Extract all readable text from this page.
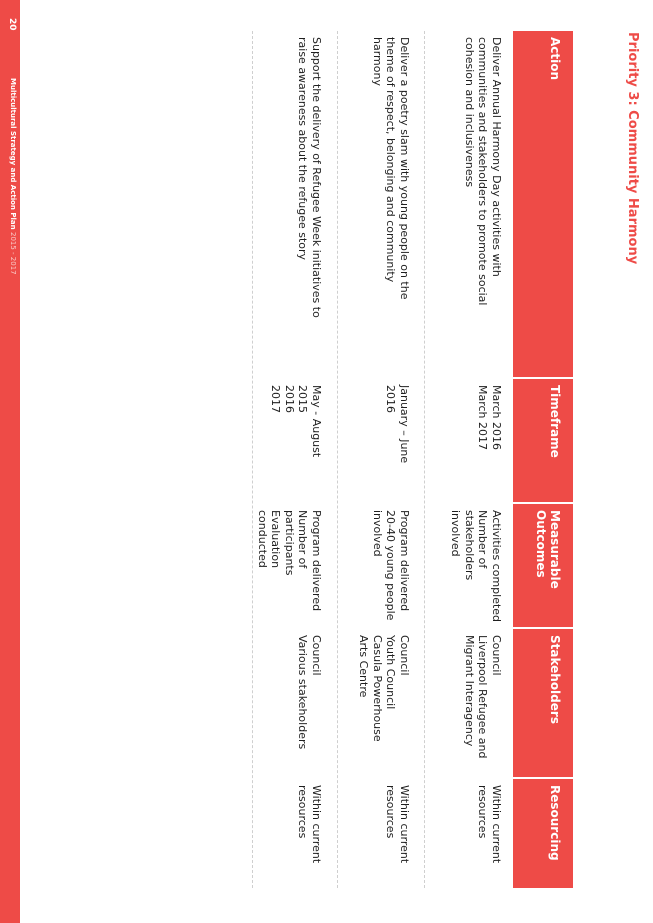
Priority 3: Community Harmony
Action
Timeframe
Measurable Outcomes
Stakeholders
Resourcing
Deliver Annual Harmony Day activities with
communities and stakeholders to promote social
cohesion and inclusiveness
March 2016
March 2017
Activities completed
Number of stakeholders
involved
Council
Liverpool Refugee and
Migrant Interagency
Within current
resources
Deliver a poetry slam with young people on the
theme of respect, belonging and community
harmony
January – June
2016
Program delivered
20-40 young people
involved
Council
Youth Council
Casula Powerhouse
Arts Centre
Within current
resources
Support the delivery of Refugee Week initiatives to
raise awareness about the refugee story
May - August
2015
2016
2017
Program delivered
Number of participants
Evaluation conducted
Council
Various stakeholders
Within current
resources
20
Multicultural Strategy and Action Plan 2015 - 2017
